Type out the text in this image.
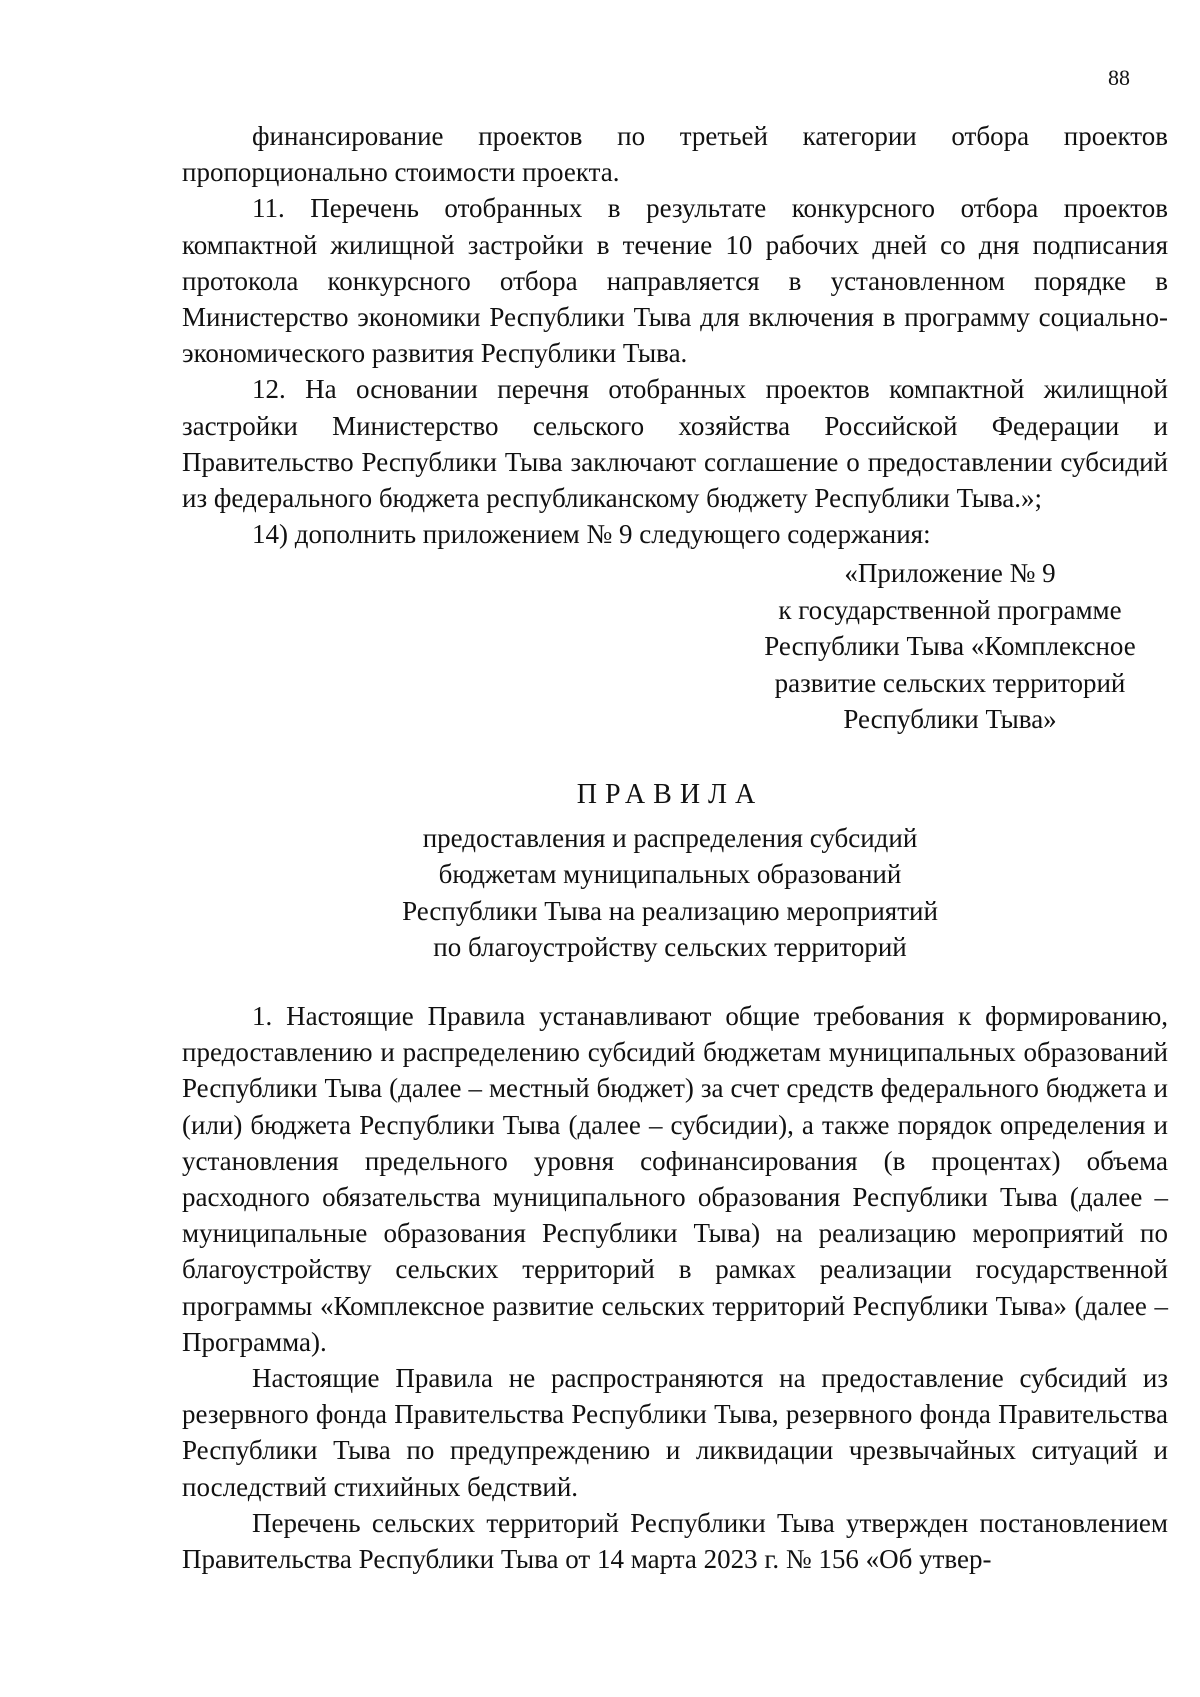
88

финансирование проектов по третьей категории отбора проектов пропорционально стоимости проекта.

11. Перечень отобранных в результате конкурсного отбора проектов компактной жилищной застройки в течение 10 рабочих дней со дня подписания протокола конкурсного отбора направляется в установленном порядке в Министерство экономики Республики Тыва для включения в программу социально-экономического развития Республики Тыва.

12. На основании перечня отобранных проектов компактной жилищной застройки Министерство сельского хозяйства Российской Федерации и Правительство Республики Тыва заключают соглашение о предоставлении субсидий из федерального бюджета республиканскому бюджету Республики Тыва.»;

14) дополнить приложением № 9 следующего содержания:

«Приложение № 9
к государственной программе
Республики Тыва «Комплексное
развитие сельских территорий
Республики Тыва»
ПРАВИЛА
предоставления и распределения субсидий
бюджетам муниципальных образований
Республики Тыва на реализацию мероприятий
по благоустройству сельских территорий

1. Настоящие Правила устанавливают общие требования к формированию, предоставлению и распределению субсидий бюджетам муниципальных образований Республики Тыва (далее – местный бюджет) за счет средств федерального бюджета и (или) бюджета Республики Тыва (далее – субсидии), а также порядок определения и установления предельного уровня софинансирования (в процентах) объема расходного обязательства муниципального образования Республики Тыва (далее – муниципальные образования Республики Тыва) на реализацию мероприятий по благоустройству сельских территорий в рамках реализации государственной программы «Комплексное развитие сельских территорий Республики Тыва» (далее – Программа).

Настоящие Правила не распространяются на предоставление субсидий из резервного фонда Правительства Республики Тыва, резервного фонда Правительства Республики Тыва по предупреждению и ликвидации чрезвычайных ситуаций и последствий стихийных бедствий.

Перечень сельских территорий Республики Тыва утвержден постановлением Правительства Республики Тыва от 14 марта 2023 г. № 156 «Об утвер-
